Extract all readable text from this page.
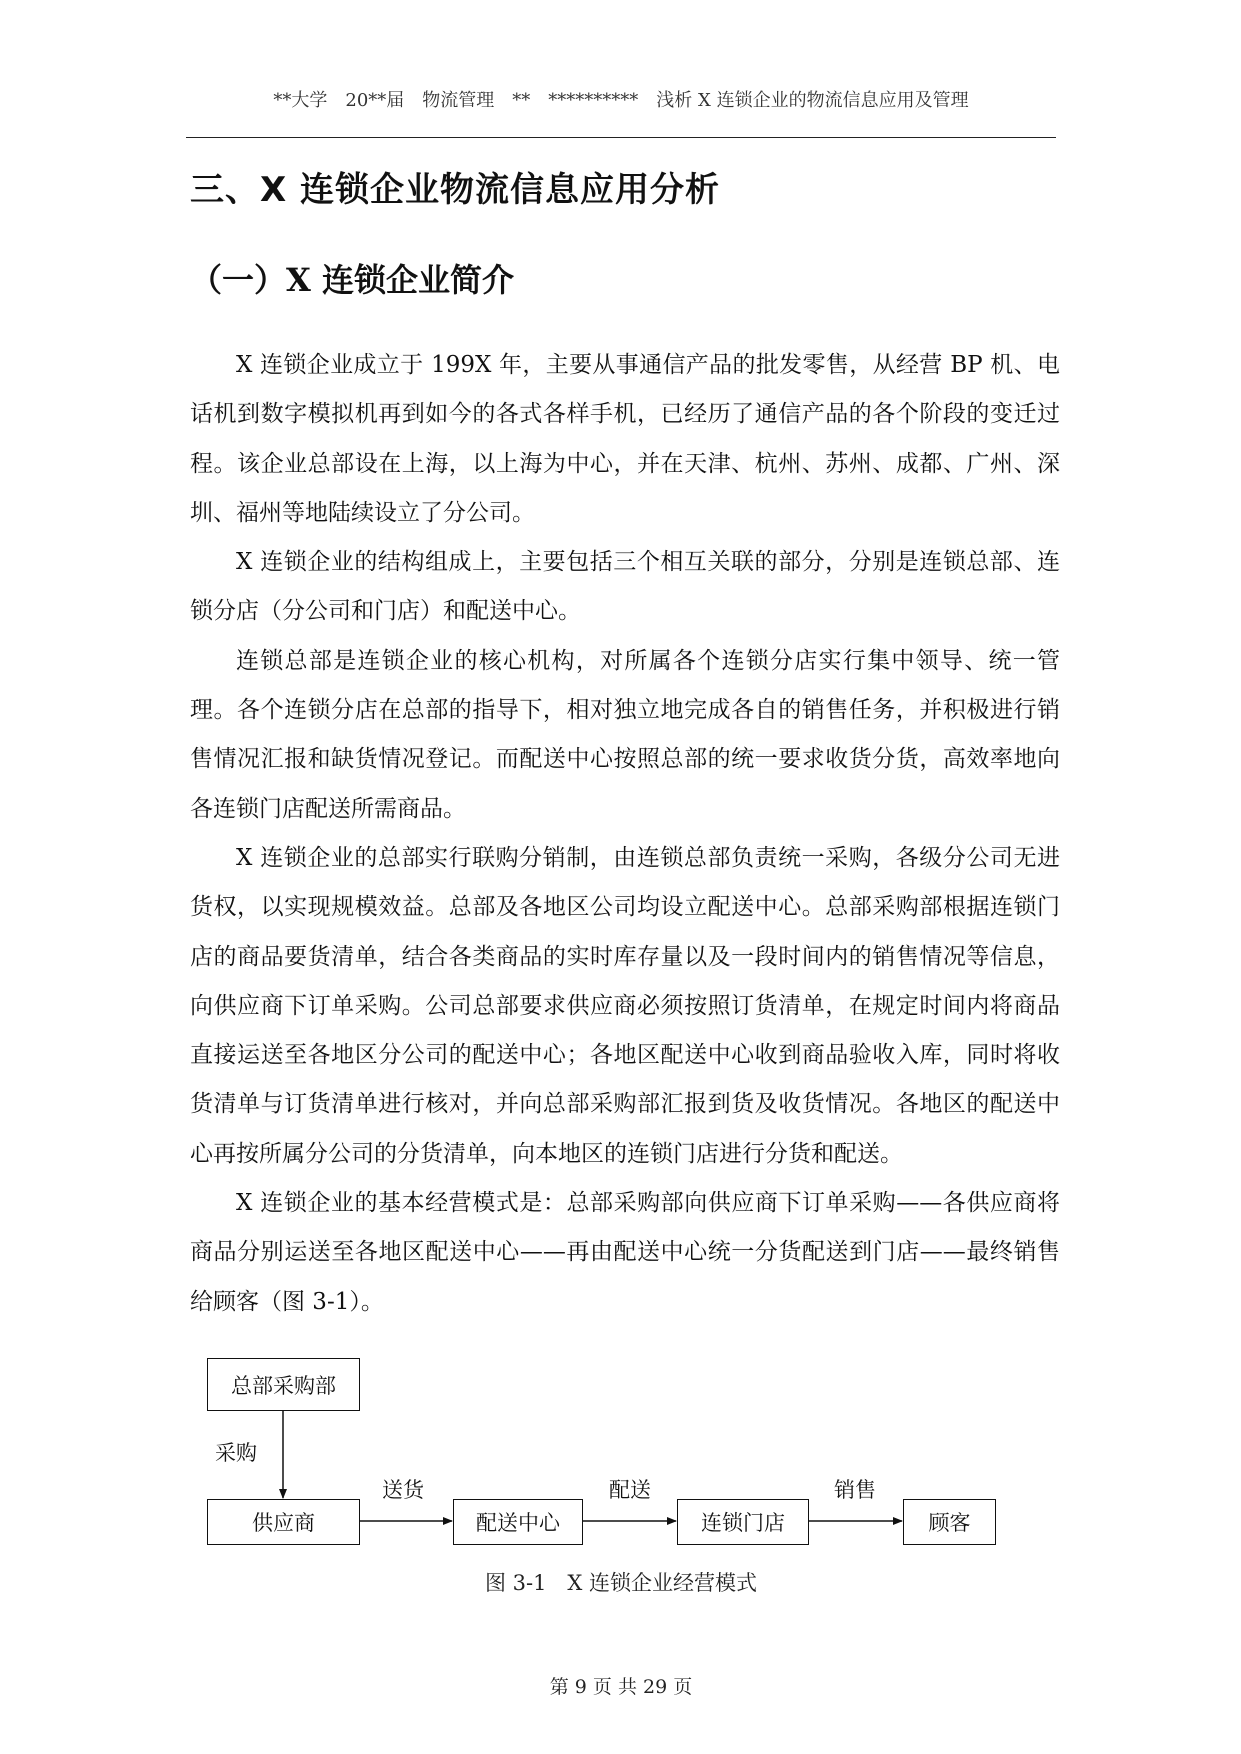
**大学　20**届　物流管理　**　**********　浅析 X 连锁企业的物流信息应用及管理
三、X 连锁企业物流信息应用分析
（一）X 连锁企业简介

X 连锁企业成立于 199X 年，主要从事通信产品的批发零售，从经营 BP 机、电话机到数字模拟机再到如今的各式各样手机，已经历了通信产品的各个阶段的变迁过程。该企业总部设在上海，以上海为中心，并在天津、杭州、苏州、成都、广州、深圳、福州等地陆续设立了分公司。

X 连锁企业的结构组成上，主要包括三个相互关联的部分，分别是连锁总部、连锁分店（分公司和门店）和配送中心。

连锁总部是连锁企业的核心机构，对所属各个连锁分店实行集中领导、统一管理。各个连锁分店在总部的指导下，相对独立地完成各自的销售任务，并积极进行销售情况汇报和缺货情况登记。而配送中心按照总部的统一要求收货分货，高效率地向各连锁门店配送所需商品。

X 连锁企业的总部实行联购分销制，由连锁总部负责统一采购，各级分公司无进货权，以实现规模效益。总部及各地区公司均设立配送中心。总部采购部根据连锁门店的商品要货清单，结合各类商品的实时库存量以及一段时间内的销售情况等信息，向供应商下订单采购。公司总部要求供应商必须按照订货清单，在规定时间内将商品直接运送至各地区分公司的配送中心；各地区配送中心收到商品验收入库，同时将收货清单与订货清单进行核对，并向总部采购部汇报到货及收货情况。各地区的配送中心再按所属分公司的分货清单，向本地区的连锁门店进行分货和配送。

X 连锁企业的基本经营模式是：总部采购部向供应商下订单采购——各供应商将商品分别运送至各地区配送中心——再由配送中心统一分货配送到门店——最终销售给顾客（图 3-1）。

总部采购部
供应商	配送中心	连锁门店	顾客
采购
送货	配送	销售
图 3-1　X 连锁企业经营模式
第 9 页 共 29 页
